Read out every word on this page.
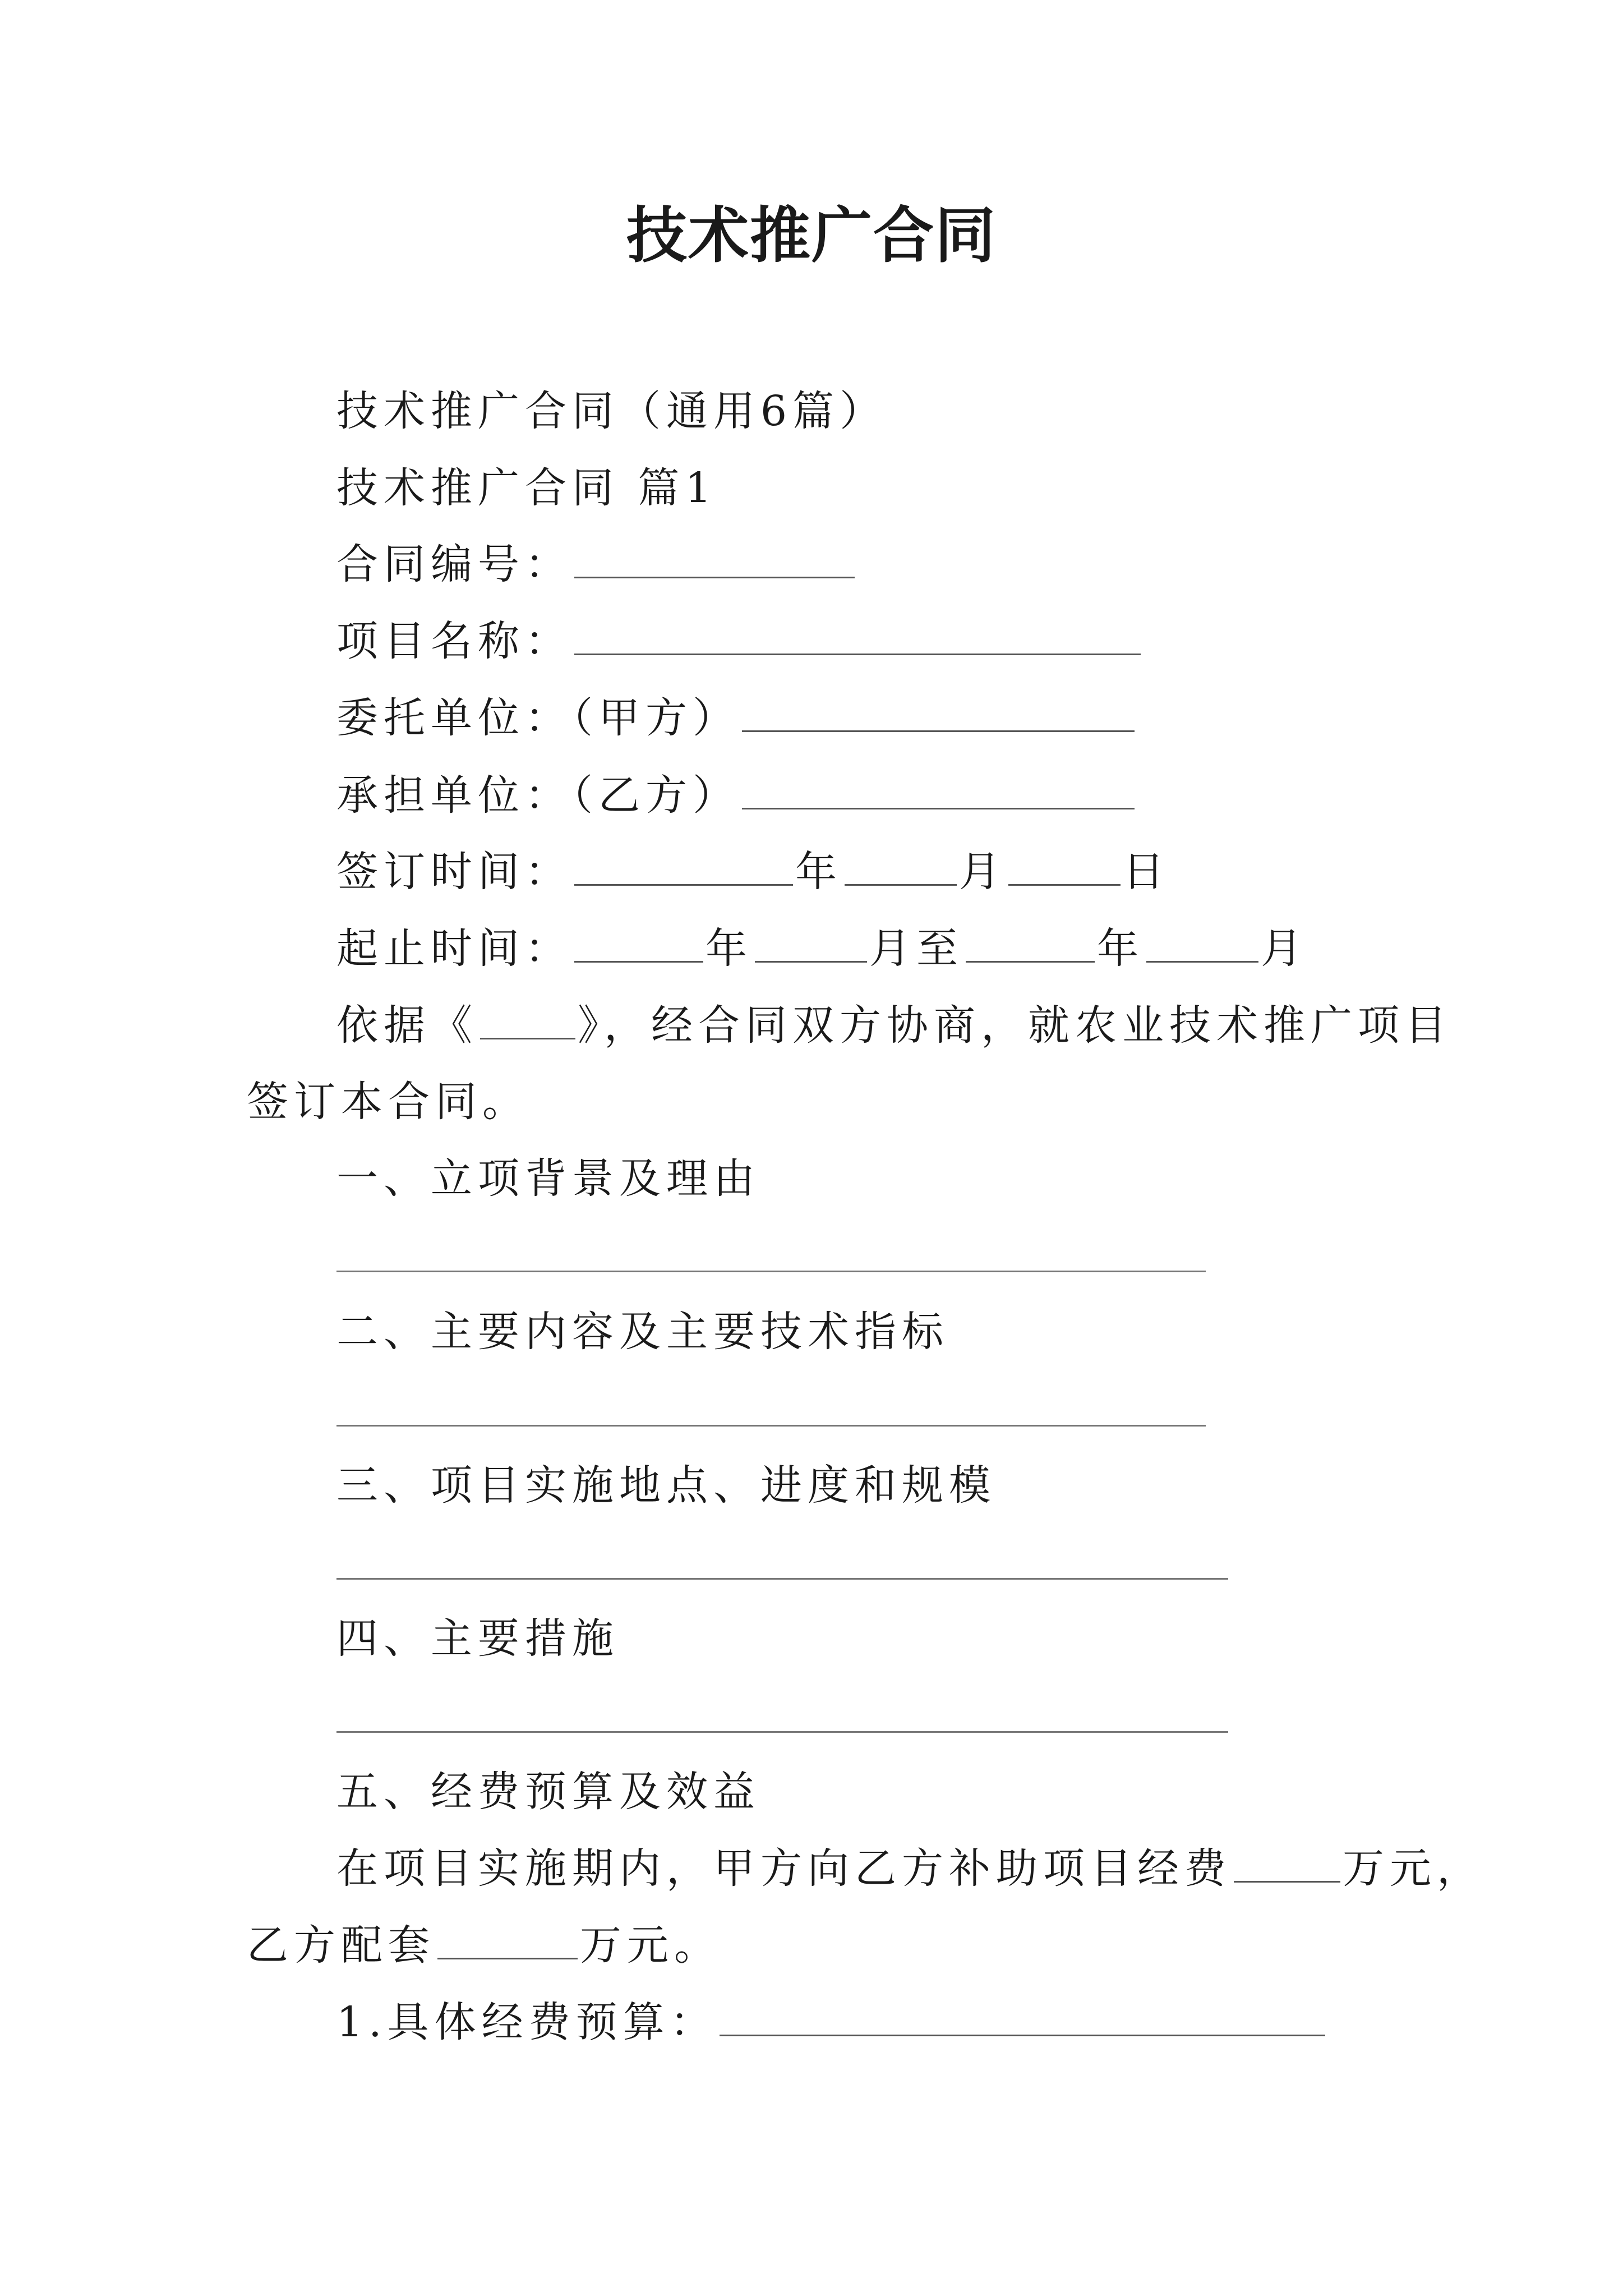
技术推广合同
技术推广合同（通用6篇）
技术推广合同 篇1
合同编号：
项目名称：
委托单位：（甲方）
承担单位：（乙方）
签订时间：	年	月	日
起止时间：	年	月至	年	月
依据《 》，经合同双方协商，就农业技术推广项目
签订本合同。
一、立项背景及理由
二、主要内容及主要技术指标
三、项目实施地点、进度和规模
四、主要措施
五、经费预算及效益
在项目实施期内，甲方向乙方补助项目经费	万元，
乙方配套	万元。
1.具体经费预算：
